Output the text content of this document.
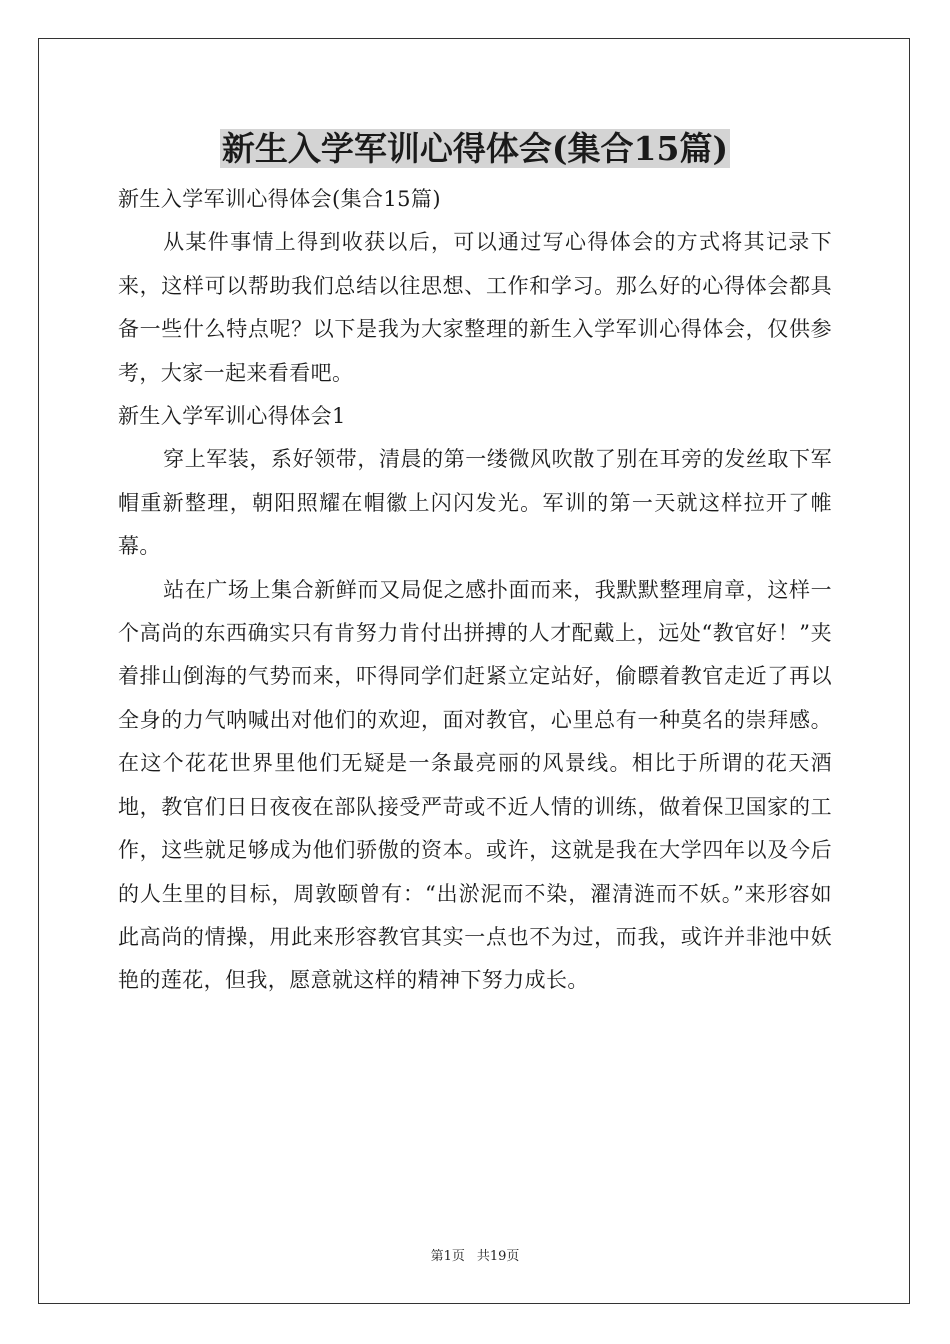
新生入学军训心得体会(集合15篇)

新生入学军训心得体会(集合15篇)

从某件事情上得到收获以后，可以通过写心得体会的方式将其记录下来，这样可以帮助我们总结以往思想、工作和学习。那么好的心得体会都具备一些什么特点呢？以下是我为大家整理的新生入学军训心得体会，仅供参考，大家一起来看看吧。

新生入学军训心得体会1

穿上军装，系好领带，清晨的第一缕微风吹散了别在耳旁的发丝取下军帽重新整理，朝阳照耀在帽徽上闪闪发光。军训的第一天就这样拉开了帷幕。

站在广场上集合新鲜而又局促之感扑面而来，我默默整理肩章，这样一个高尚的东西确实只有肯努力肯付出拼搏的人才配戴上，远处“教官好！”夹着排山倒海的气势而来，吓得同学们赶紧立定站好，偷瞟着教官走近了再以全身的力气呐喊出对他们的欢迎，面对教官，心里总有一种莫名的崇拜感。在这个花花世界里他们无疑是一条最亮丽的风景线。相比于所谓的花天酒地，教官们日日夜夜在部队接受严苛或不近人情的训练，做着保卫国家的工作，这些就足够成为他们骄傲的资本。或许，这就是我在大学四年以及今后的人生里的目标，周敦颐曾有：“出淤泥而不染，濯清涟而不妖。”来形容如此高尚的情操，用此来形容教官其实一点也不为过，而我，或许并非池中妖艳的莲花，但我，愿意就这样的精神下努力成长。

第1页 共19页
